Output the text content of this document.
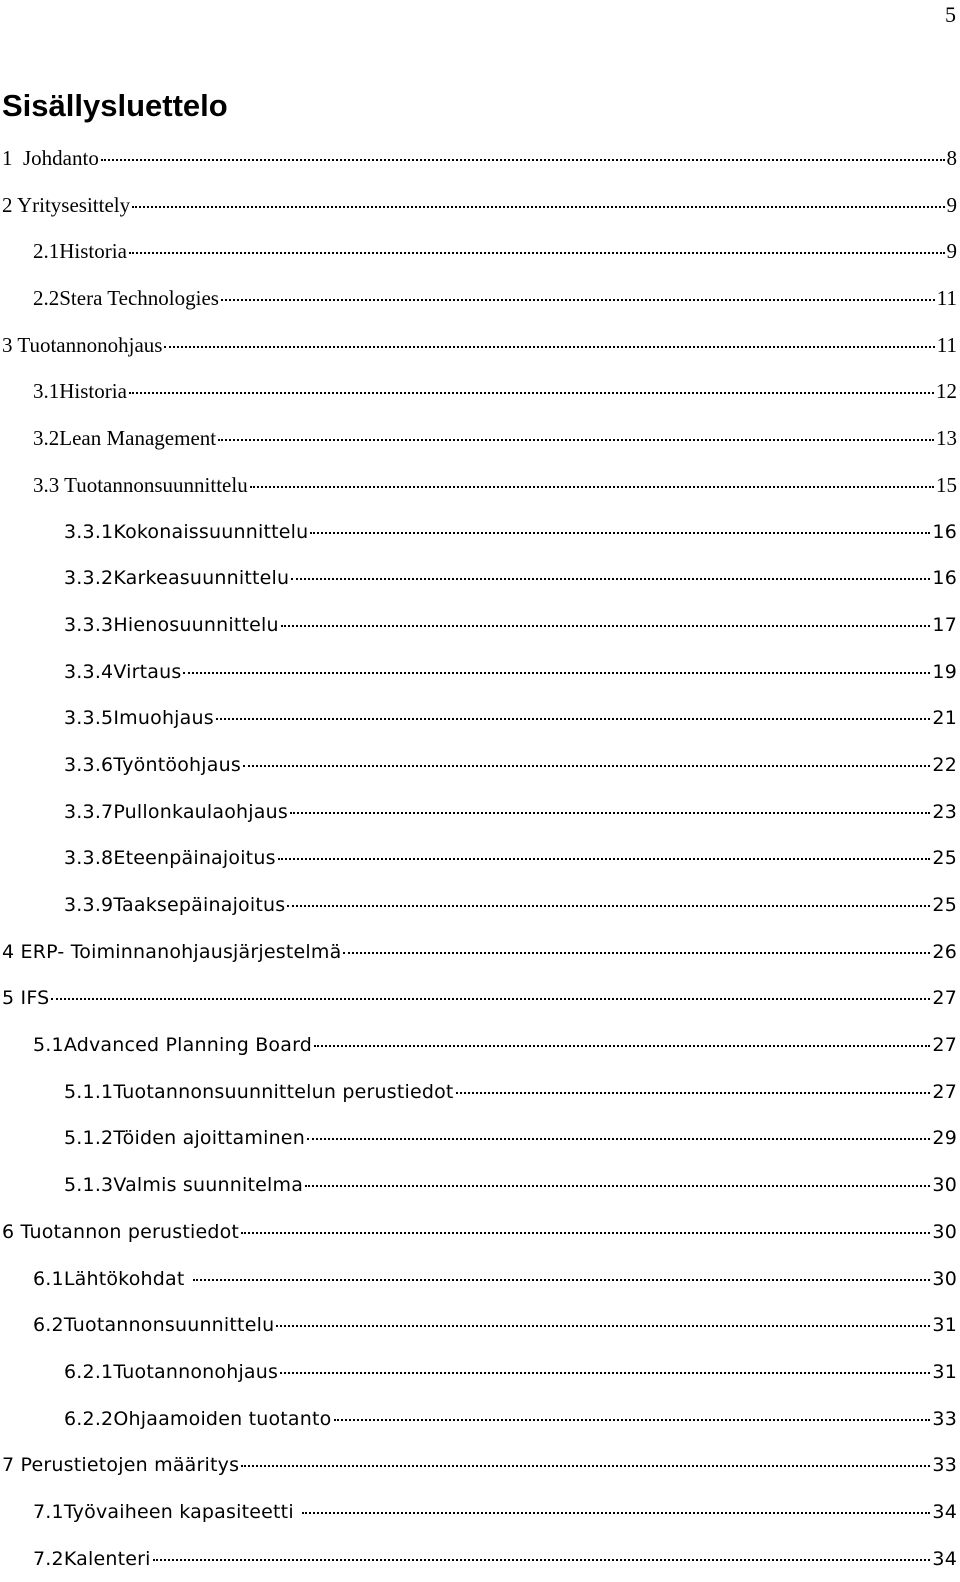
5
Sisällysluettelo
1 Johdanto	8
2 Yritysesittely	9
2.1Historia	9
2.2Stera Technologies	11
3 Tuotannonohjaus	11
3.1Historia	12
3.2Lean Management	13
3.3 Tuotannonsuunnittelu	15
3.3.1Kokonaissuunnittelu	16
3.3.2Karkeasuunnittelu	16
3.3.3Hienosuunnittelu	17
3.3.4Virtaus	19
3.3.5Imuohjaus	21
3.3.6Työntöohjaus	22
3.3.7Pullonkaulaohjaus	23
3.3.8Eteenpäinajoitus	25
3.3.9Taaksepäinajoitus	25
4 ERP- Toiminnanohjausjärjestelmä	26
5 IFS	27
5.1Advanced Planning Board	27
5.1.1Tuotannonsuunnittelun perustiedot	27
5.1.2Töiden ajoittaminen	29
5.1.3Valmis suunnitelma	30
6 Tuotannon perustiedot	30
6.1Lähtökohdat	30
6.2Tuotannonsuunnittelu	31
6.2.1Tuotannonohjaus	31
6.2.2Ohjaamoiden tuotanto	33
7 Perustietojen määritys	33
7.1Työvaiheen kapasiteetti	34
7.2Kalenteri	34
